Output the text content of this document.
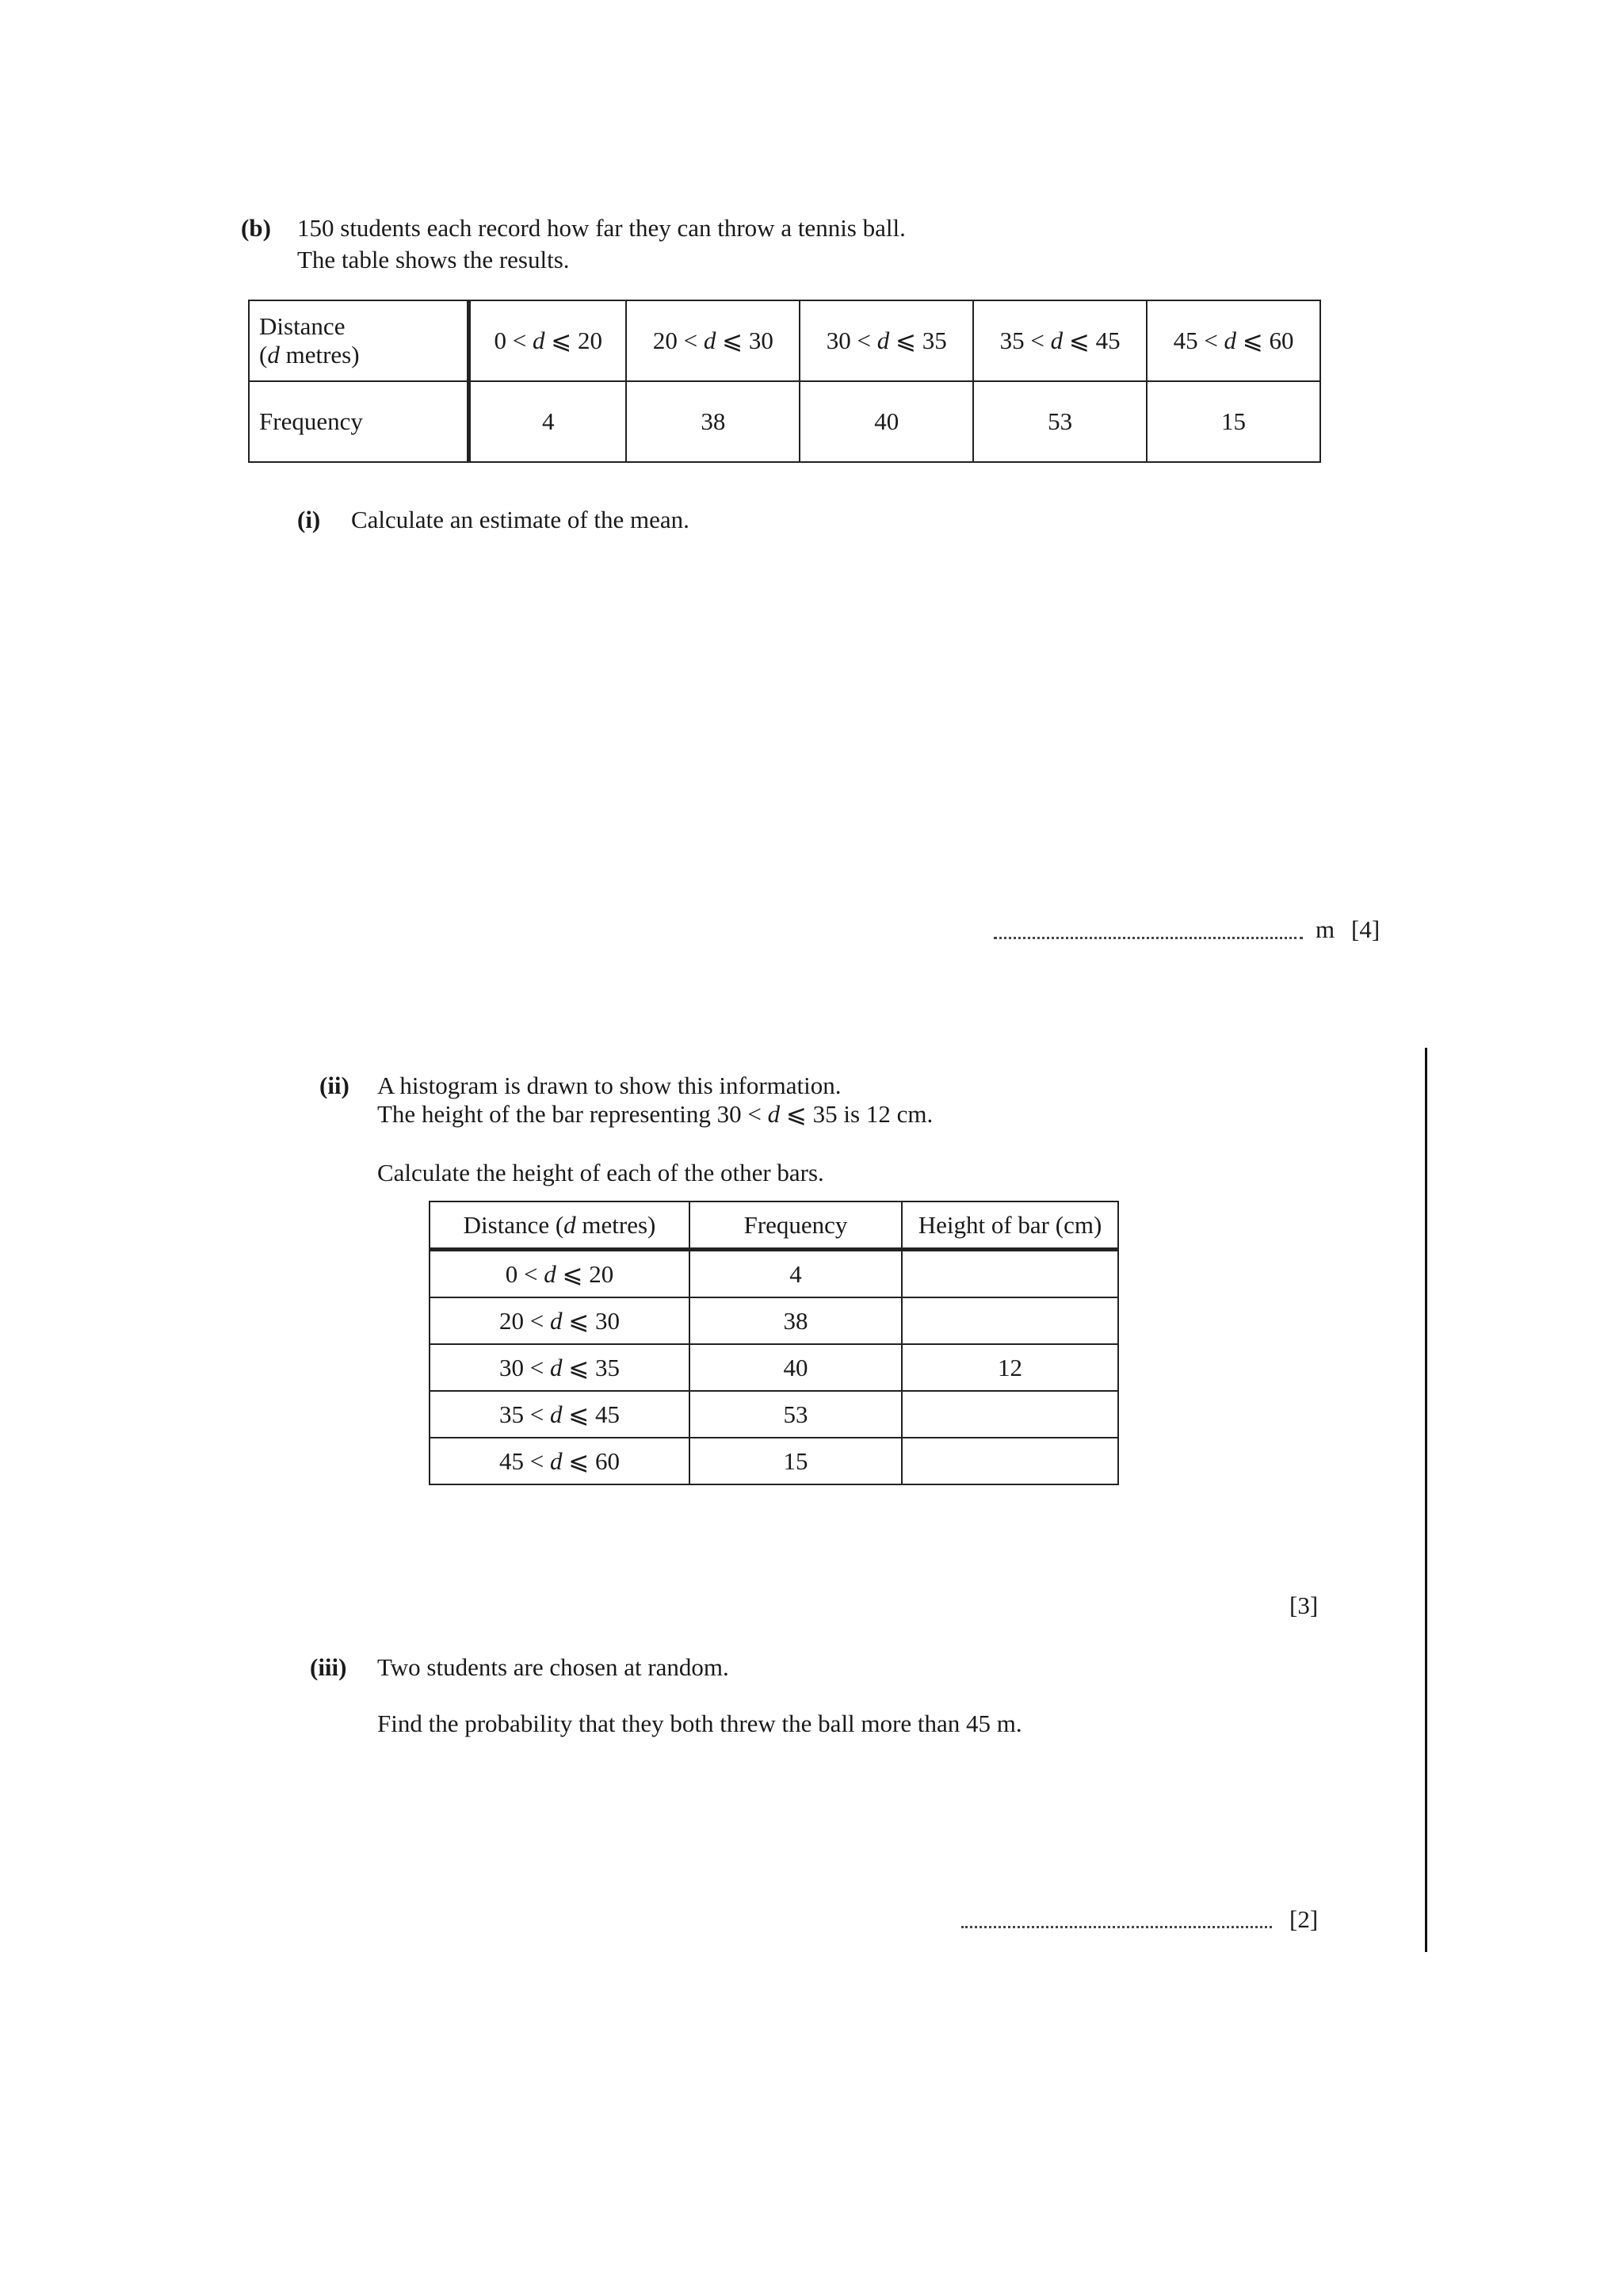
(b) 150 students each record how far they can throw a tennis ball.
The table shows the results.
Distance
(d metres)	0 < d ⩽ 20	20 < d ⩽ 30	30 < d ⩽ 35	35 < d ⩽ 45	45 < d ⩽ 60
Frequency	4	38	40	53	15
(i) Calculate an estimate of the mean.
m [4]
(ii) A histogram is drawn to show this information.
The height of the bar representing 30 < d ⩽ 35 is 12 cm.
Calculate the height of each of the other bars.
Distance (d metres)	Frequency	Height of bar (cm)
0 < d ⩽ 20	4	
20 < d ⩽ 30	38	
30 < d ⩽ 35	40	12
35 < d ⩽ 45	53	
45 < d ⩽ 60	15	
[3]
(iii) Two students are chosen at random.
Find the probability that they both threw the ball more than 45 m.
[2]
